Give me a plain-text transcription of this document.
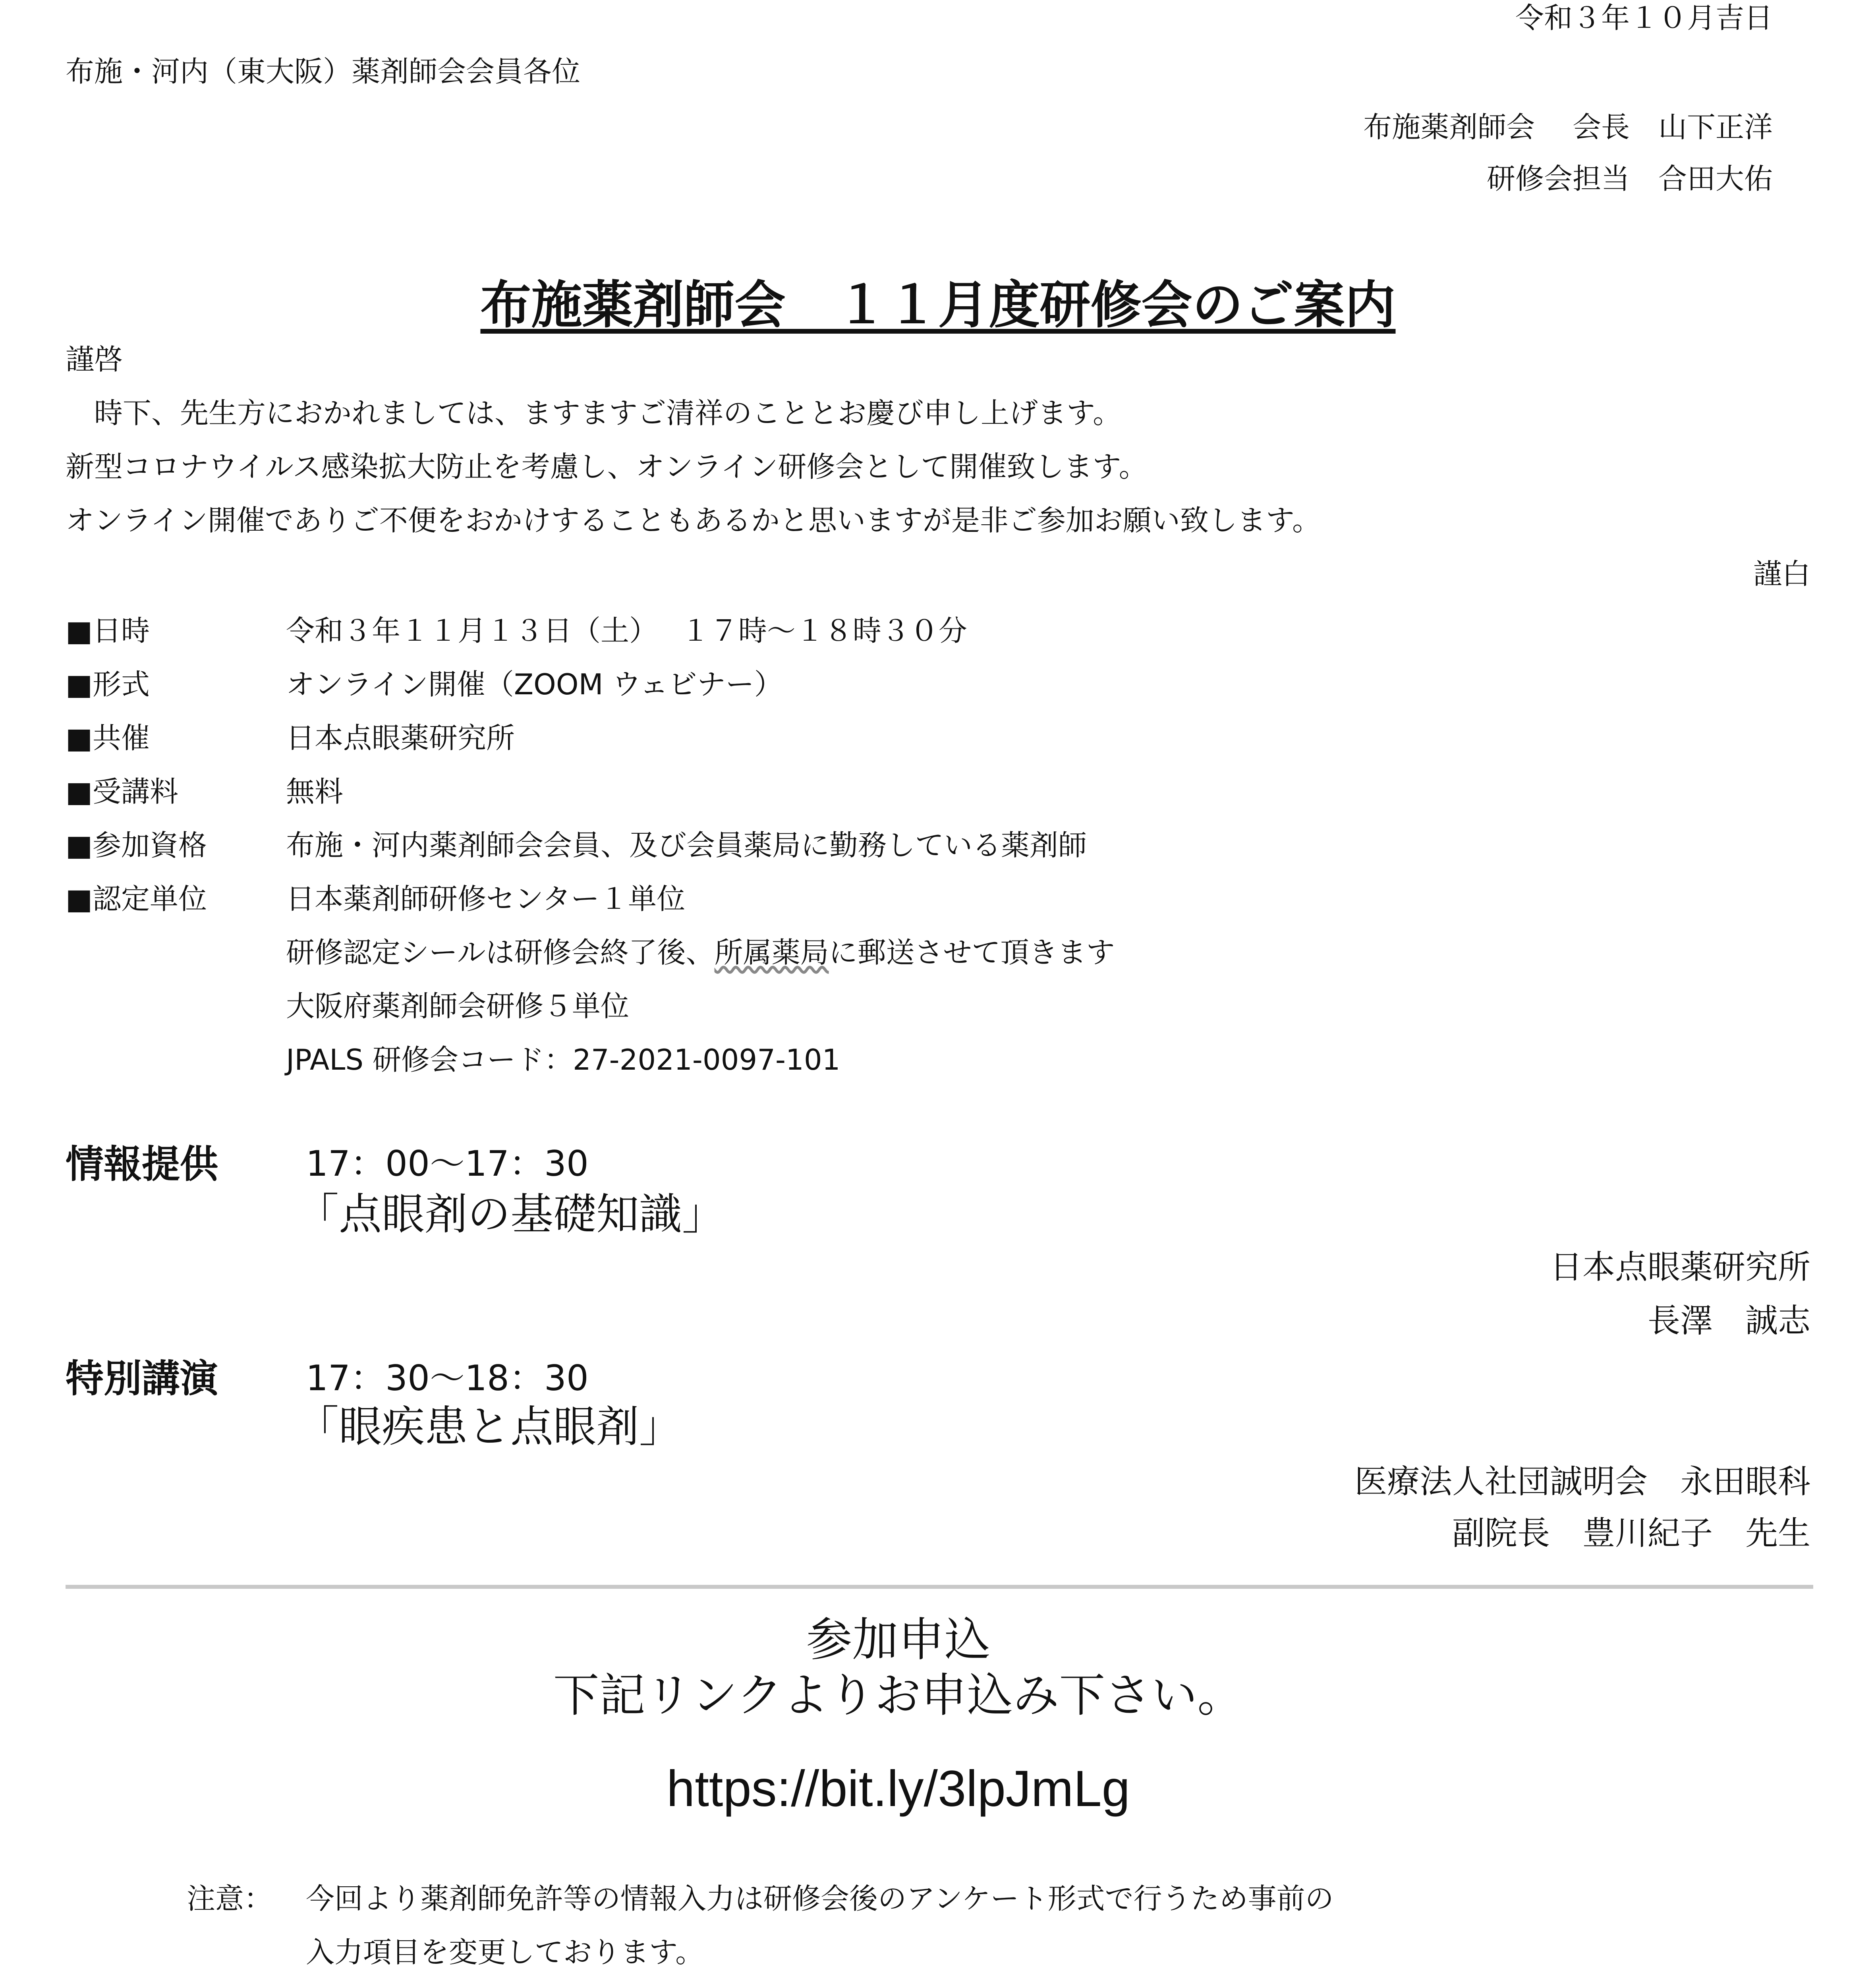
令和３年１０月吉日
布施・河内（東大阪）薬剤師会会員各位
布施薬剤師会　 会長　山下正洋
研修会担当　合田大佑
布施薬剤師会　１１月度研修会のご案内
謹啓
　時下、先生方におかれましては、ますますご清祥のこととお慶び申し上げます。
新型コロナウイルス感染拡大防止を考慮し、オンライン研修会として開催致します。
オンライン開催でありご不便をおかけすることもあるかと思いますが是非ご参加お願い致します。
謹白
■日時	令和３年１１月１３日（土）　 １７時～１８時３０分
■形式	オンライン開催（ZOOM ウェビナー）
■共催	日本点眼薬研究所
■受講料	無料
■参加資格	布施・河内薬剤師会会員、及び会員薬局に勤務している薬剤師
■認定単位	日本薬剤師研修センター１単位
研修認定シールは研修会終了後、所属薬局に郵送させて頂きます
大阪府薬剤師会研修５単位
JPALS 研修会コード：27-2021-0097-101
情報提供	17：00～17：30
「点眼剤の基礎知識」
日本点眼薬研究所
長澤　誠志
特別講演	17：30～18：30
「眼疾患と点眼剤」
医療法人社団誠明会　永田眼科
副院長　豊川紀子　先生
参加申込
下記リンクよりお申込み下さい。
https://bit.ly/3lpJmLg
注意： 今回より薬剤師免許等の情報入力は研修会後のアンケート形式で行うため事前の
入力項目を変更しております。
